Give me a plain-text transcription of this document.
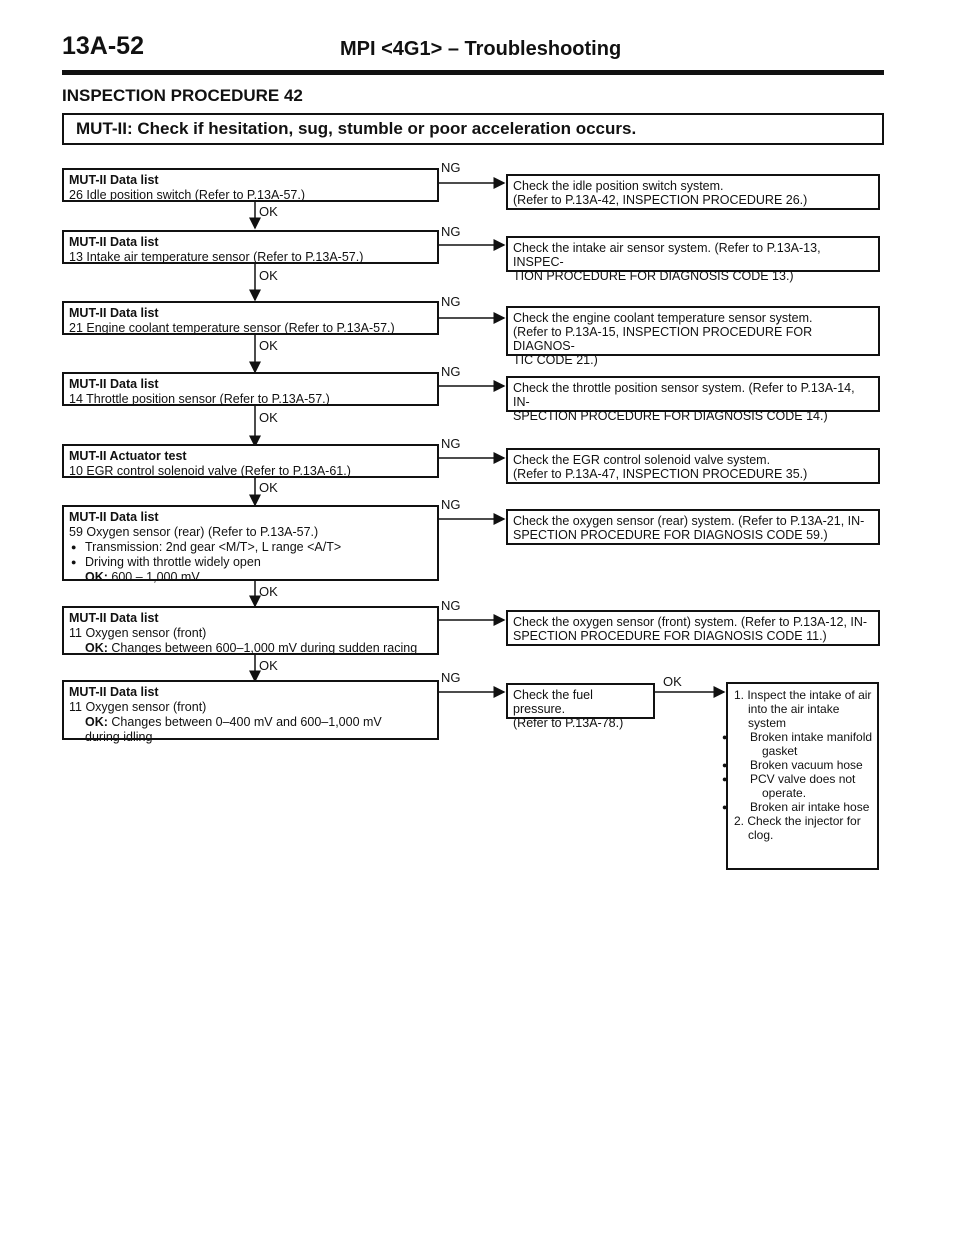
13A-52	MPI <4G1> – Troubleshooting
INSPECTION PROCEDURE 42
MUT-II: Check if hesitation, sug, stumble or poor acceleration occurs.
OK
OK
OK
OK
OK
OK
OK
OK
NG
NG
NG
NG
NG
NG
NG
NG
MUT-II Data list
26 Idle position switch (Refer to P.13A-57.)
MUT-II Data list
13 Intake air temperature sensor (Refer to P.13A-57.)
MUT-II Data list
21 Engine coolant temperature sensor (Refer to P.13A-57.)
MUT-II Data list
14 Throttle position sensor (Refer to P.13A-57.)
MUT-II Actuator test
10 EGR control solenoid valve (Refer to P.13A-61.)
MUT-II Data list
59 Oxygen sensor (rear) (Refer to P.13A-57.)
● Transmission: 2nd gear <M/T>, L range <A/T>
● Driving with throttle widely open
OK: 600 – 1,000 mV
MUT-II Data list
11 Oxygen sensor (front)
OK: Changes between 600–1,000 mV during sudden racing
MUT-II Data list
11 Oxygen sensor (front)
OK: Changes between 0–400 mV and 600–1,000 mV during idling
Check the idle position switch system.
(Refer to P.13A-42, INSPECTION PROCEDURE 26.)
Check the intake air sensor system. (Refer to P.13A-13, INSPEC-
TION PROCEDURE FOR DIAGNOSIS CODE 13.)
Check the engine coolant temperature sensor system.
(Refer to P.13A-15, INSPECTION PROCEDURE FOR DIAGNOS-
TIC CODE 21.)
Check the throttle position sensor system. (Refer to P.13A-14, IN-
SPECTION PROCEDURE FOR DIAGNOSIS CODE 14.)
Check the EGR control solenoid valve system.
(Refer to P.13A-47, INSPECTION PROCEDURE 35.)
Check the oxygen sensor (rear) system. (Refer to P.13A-21, IN-
SPECTION PROCEDURE FOR DIAGNOSIS CODE 59.)
Check the oxygen sensor (front) system. (Refer to P.13A-12, IN-
SPECTION PROCEDURE FOR DIAGNOSIS CODE 11.)
Check the fuel pressure.
(Refer to P.13A-78.)
1. Inspect the intake of air into the air intake system
● Broken intake manifold gasket
● Broken vacuum hose
● PCV valve does not operate.
● Broken air intake hose
2. Check the injector for clog.
